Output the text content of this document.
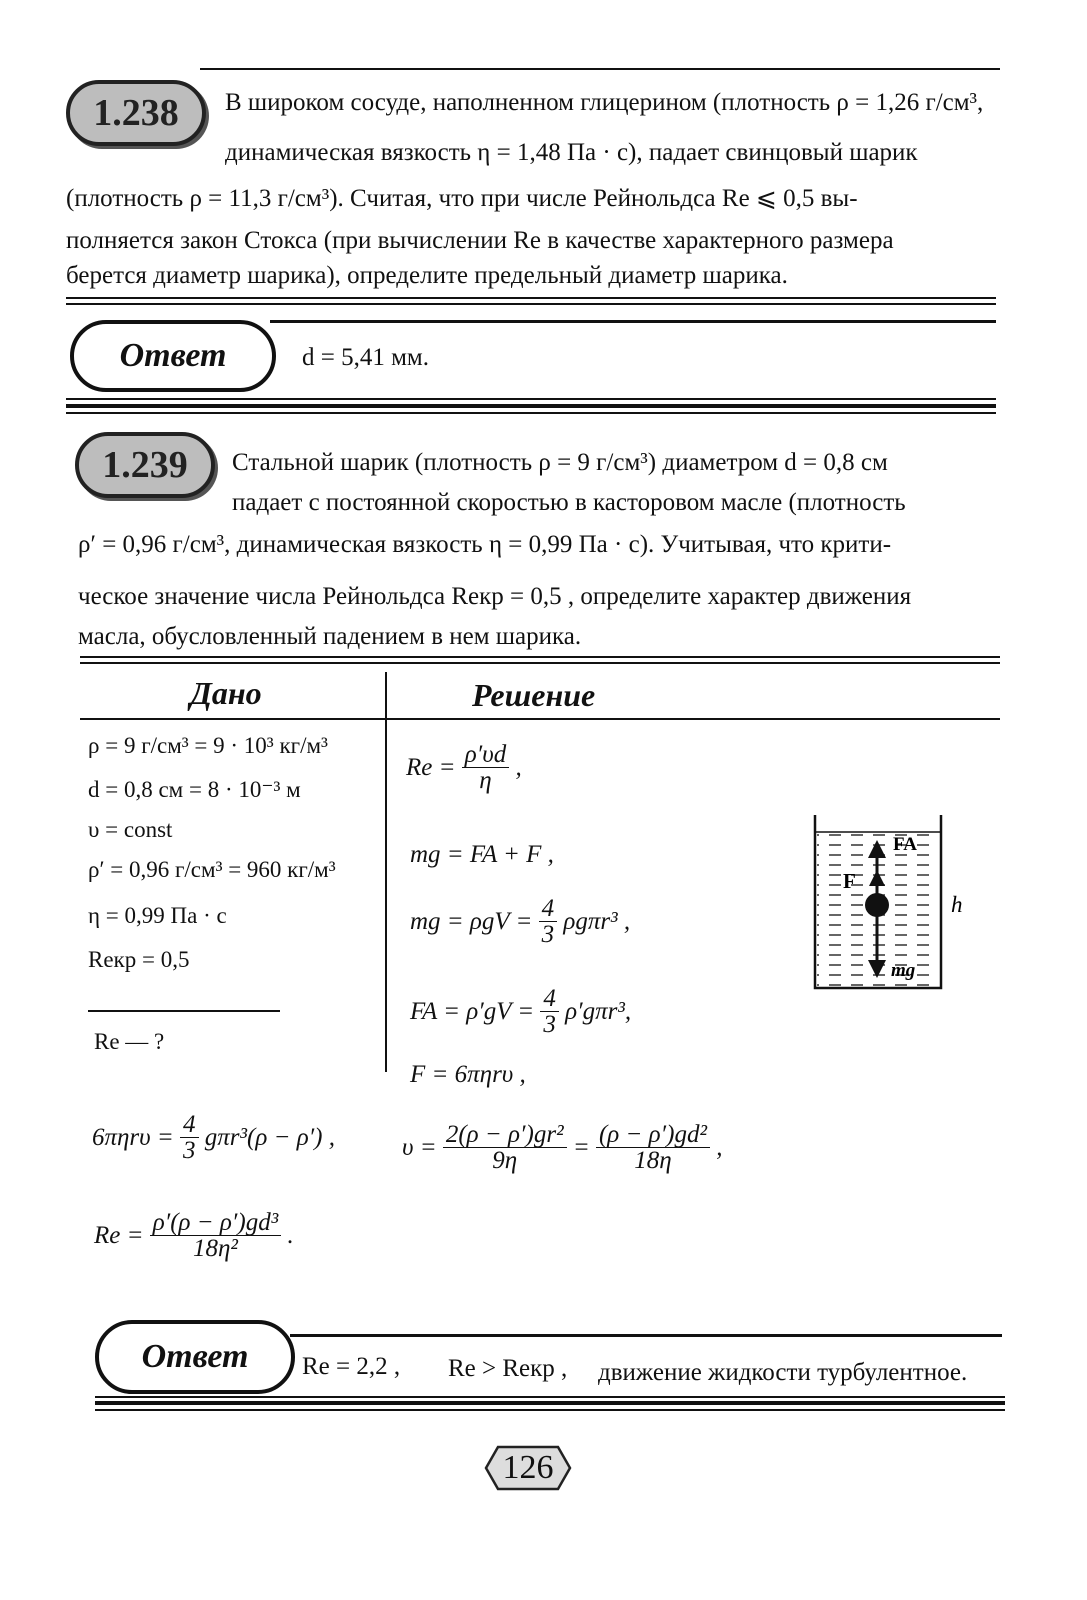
1.238	В широком сосуде, наполненном глицерином (плотность ρ = 1,26 г/см³,
динамическая вязкость η = 1,48 Па · с), падает свинцовый шарик
(плотность ρ = 11,3 г/см³). Считая, что при числе Рейнольдса Re ⩽ 0,5 вы-
полняется закон Стокса (при вычислении Re в качестве характерного размера
берется диаметр шарика), определите предельный диаметр шарика.
Ответ	d = 5,41 мм.
1.239	Стальной шарик (плотность ρ = 9 г/см³) диаметром d = 0,8 см
падает с постоянной скоростью в касторовом масле (плотность
ρ′ = 0,96 г/см³, динамическая вязкость η = 0,99 Па · с). Учитывая, что крити-
ческое значение числа Рейнольдса Reкр = 0,5 , определите характер движения
масла, обусловленный падением в нем шарика.
Дано	Решение
ρ = 9 г/см³ = 9 · 10³ кг/м³
d = 0,8 см = 8 · 10⁻³ м
υ = const
ρ′ = 0,96 г/см³ = 960 кг/м³
η = 0,99 Па · с
Reкр = 0,5
Re — ?
$Re = \frac{\rho'\upsilon d}{\eta}$ ,
mg = FA + F ,
mg = $\rho gV = \frac{4}{3} \rho g\pi r^3$ ,
FA = $\rho'gV = \frac{4}{3} \rho'g\pi r^3$,
F = 6πηrυ ,
FA
F
mg
h
$6\pi\eta r\upsilon = \frac{4}{3} g\pi r^3(\rho - \rho')$ ,	$\upsilon = \frac{\text{2(ρ − ρ′)gr²}}{9\eta} = \frac{\text{(ρ − ρ′)gd²}}{18\eta}$ ,
$Re = \frac{\text{ρ′(ρ − ρ′)gd³}}{\text{18η²}}$ .
Ответ	Re = 2,2 , Re > Reкр , движение жидкости турбулентное.
126
